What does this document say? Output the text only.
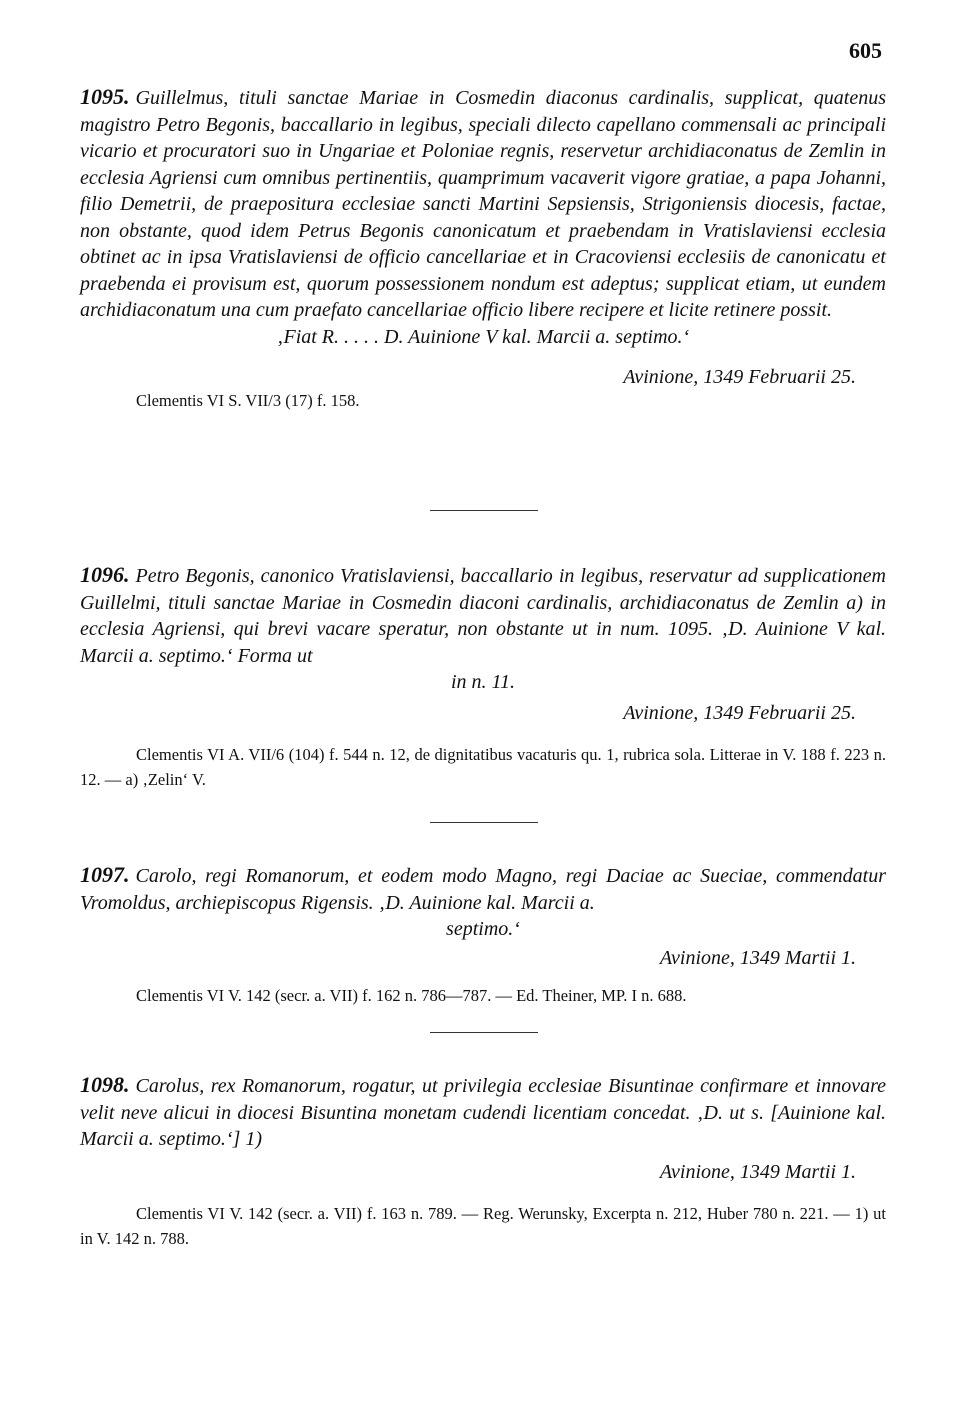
605

1095. Guillelmus, tituli sanctae Mariae in Cosmedin diaconus cardinalis, supplicat, quatenus magistro Petro Begonis, baccallario in legibus, speciali dilecto capellano commensali ac principali vicario et procuratori suo in Ungariae et Poloniae regnis, reservetur archidiaconatus de Zemlin in ecclesia Agriensi cum omnibus pertinentiis, quamprimum vacaverit vigore gratiae, a papa Johanni, filio Demetrii, de praepositura ecclesiae sancti Martini Sepsiensis, Strigoniensis diocesis, factae, non obstante, quod idem Petrus Begonis canonicatum et praebendam in Vratislaviensi ecclesia obtinet ac in ipsa Vratislaviensi de officio cancellariae et in Cracoviensi ecclesiis de canonicatu et praebenda ei provisum est, quorum possessionem nondum est adeptus; supplicat etiam, ut eundem archidiaconatum una cum praefato cancellariae officio libere recipere et licite retinere possit.
‚Fiat R. . . . . D. Auinione V kal. Marcii a. septimo.‘

Clementis VI S. VII/3 (17) f. 158.

Avinione, 1349 Februarii 25.

1096. Petro Begonis, canonico Vratislaviensi, baccallario in legibus, reservatur ad supplicationem Guillelmi, tituli sanctae Mariae in Cosmedin diaconi cardinalis, archidiaconatus de Zemlin a) in ecclesia Agriensi, qui brevi vacare speratur, non obstante ut in num. 1095. ‚D. Auinione V kal. Marcii a. septimo.‘ Forma ut
in n. 11.

Avinione, 1349 Februarii 25.

Clementis VI A. VII/6 (104) f. 544 n. 12, de dignitatibus vacaturis qu. 1, rubrica sola. Litterae in V. 188 f. 223 n. 12. — a) ‚Zelin‘ V.

1097. Carolo, regi Romanorum, et eodem modo Magno, regi Daciae ac Sueciae, commendatur Vromoldus, archiepiscopus Rigensis. ‚D. Auinione kal. Marcii a.
septimo.‘

Avinione, 1349 Martii 1.

Clementis VI V. 142 (secr. a. VII) f. 162 n. 786—787. — Ed. Theiner, MP. I n. 688.

1098. Carolus, rex Romanorum, rogatur, ut privilegia ecclesiae Bisuntinae confirmare et innovare velit neve alicui in diocesi Bisuntina monetam cudendi licentiam concedat. ‚D. ut s. [Auinione kal. Marcii a. septimo.‘] 1)

Avinione, 1349 Martii 1.

Clementis VI V. 142 (secr. a. VII) f. 163 n. 789. — Reg. Werunsky, Excerpta n. 212, Huber 780 n. 221. — 1) ut in V. 142 n. 788.
